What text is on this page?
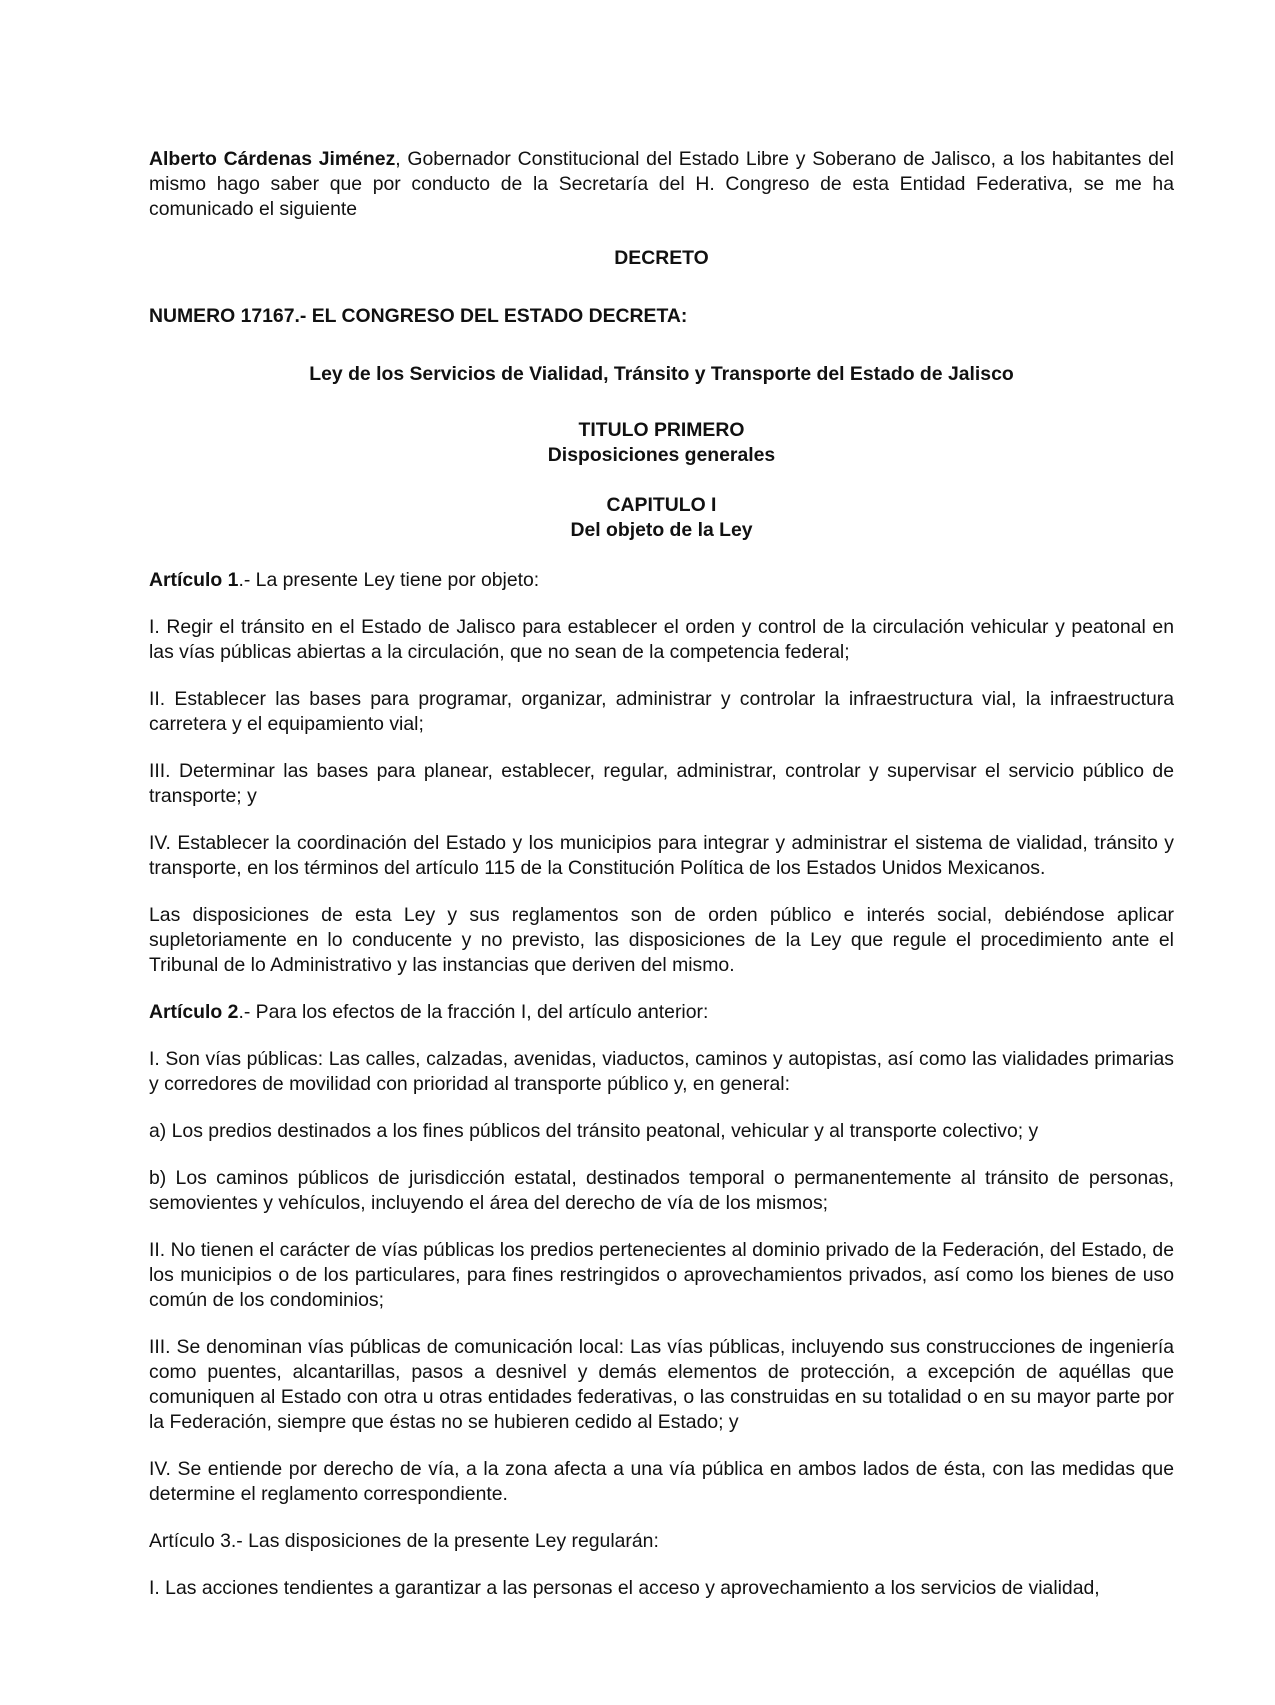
Alberto Cárdenas Jiménez, Gobernador Constitucional del Estado Libre y Soberano de Jalisco, a los habitantes del mismo hago saber que por conducto de la Secretaría del H. Congreso de esta Entidad Federativa, se me ha comunicado el siguiente

DECRETO

NUMERO 17167.- EL CONGRESO DEL ESTADO DECRETA:

Ley de los Servicios de Vialidad, Tránsito y Transporte del Estado de Jalisco

TITULO PRIMERO

Disposiciones generales

CAPITULO I

Del objeto de la Ley

Artículo 1.- La presente Ley tiene por objeto:

I. Regir el tránsito en el Estado de Jalisco para establecer el orden y control de la circulación vehicular y peatonal en las vías públicas abiertas a la circulación, que no sean de la competencia federal;

II. Establecer las bases para programar, organizar, administrar y controlar la infraestructura vial, la infraestructura carretera y el equipamiento vial;

III. Determinar las bases para planear, establecer, regular, administrar, controlar y supervisar el servicio público de transporte; y

IV. Establecer la coordinación del Estado y los municipios para integrar y administrar el sistema de vialidad, tránsito y transporte, en los términos del artículo 115 de la Constitución Política de los Estados Unidos Mexicanos.

Las disposiciones de esta Ley y sus reglamentos son de orden público e interés social, debiéndose aplicar supletoriamente en lo conducente y no previsto, las disposiciones de la Ley que regule el procedimiento ante el Tribunal de lo Administrativo y las instancias que deriven del mismo.

Artículo 2.- Para los efectos de la fracción I, del artículo anterior:

I. Son vías públicas: Las calles, calzadas, avenidas, viaductos, caminos y autopistas, así como las vialidades primarias y corredores de movilidad con prioridad al transporte público y, en general:

a) Los predios destinados a los fines públicos del tránsito peatonal, vehicular y al transporte colectivo; y

b) Los caminos públicos de jurisdicción estatal, destinados temporal o permanentemente al tránsito de personas, semovientes y vehículos, incluyendo el área del derecho de vía de los mismos;

II. No tienen el carácter de vías públicas los predios pertenecientes al dominio privado de la Federación, del Estado, de los municipios o de los particulares, para fines restringidos o aprovechamientos privados, así como los bienes de uso común de los condominios;

III. Se denominan vías públicas de comunicación local: Las vías públicas, incluyendo sus construcciones de ingeniería como puentes, alcantarillas, pasos a desnivel y demás elementos de protección, a excepción de aquéllas que comuniquen al Estado con otra u otras entidades federativas, o las construidas en su totalidad o en su mayor parte por la Federación, siempre que éstas no se hubieren cedido al Estado; y

IV. Se entiende por derecho de vía, a la zona afecta a una vía pública en ambos lados de ésta, con las medidas que determine el reglamento correspondiente.

Artículo 3.- Las disposiciones de la presente Ley regularán:

I. Las acciones tendientes a garantizar a las personas el acceso y aprovechamiento a los servicios de vialidad,
